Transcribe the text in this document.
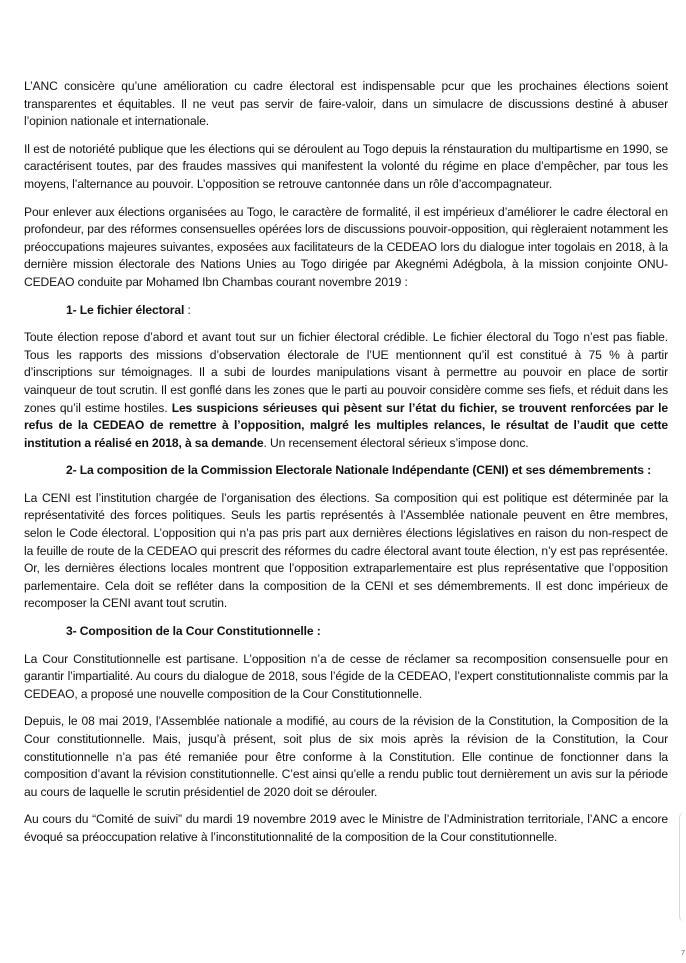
L’ANC consicère qu’une amélioration cu cadre électoral est indispensable pcur que les prochaines élections soient transparentes et équitables. Il ne veut pas servir de faire-valoir, dans un simulacre de discussions destiné à abuser l’opinion nationale et internationale.

Il est de notoriété publique que les élections qui se déroulent au Togo depuis la rénstauration du multipartisme en 1990, se caractérisent toutes, par des fraudes massives qui manifestent la volonté du régime en place d’empêcher, par tous les moyens, l’alternance au pouvoir. L’opposition se retrouve cantonnée dans un rôle d’accompagnateur.

Pour enlever aux élections organisées au Togo, le caractère de formalité, il est impérieux d’améliorer le cadre électoral en profondeur, par des réformes consensuelles opérées lors de discussions pouvoir-opposition, qui règleraient notamment les préoccupations majeures suivantes, exposées aux facilitateurs de la CEDEAO lors du dialogue inter togolais en 2018, à la dernière mission électorale des Nations Unies au Togo dirigée par Akegnémi Adégbola, à la mission conjointe ONU-CEDEAO conduite par Mohamed Ibn Chambas courant novembre 2019 :

1- Le fichier électoral :

Toute élection repose d’abord et avant tout sur un fichier électoral crédible. Le fichier électoral du Togo n’est pas fiable. Tous les rapports des missions d’observation électorale de l’UE mentionnent qu’il est constitué à 75 % à partir d’inscriptions sur témoignages. Il a subi de lourdes manipulations visant à permettre au pouvoir en place de sortir vainqueur de tout scrutin. Il est gonflé dans les zones que le parti au pouvoir considère comme ses fiefs, et réduit dans les zones qu’il estime hostiles. Les suspicions sérieuses qui pèsent sur l’état du fichier, se trouvent renforcées par le refus de la CEDEAO de remettre à l’opposition, malgré les multiples relances, le résultat de l’audit que cette institution a réalisé en 2018, à sa demande. Un recensement électoral sérieux s’impose donc.

2- La composition de la Commission Electorale Nationale Indépendante (CENI) et ses démembrements :

La CENI est l’institution chargée de l’organisation des élections. Sa composition qui est politique est déterminée par la représentativité des forces politiques. Seuls les partis représentés à l’Assemblée nationale peuvent en être membres, selon le Code électoral. L’opposition qui n’a pas pris part aux dernières élections législatives en raison du non-respect de la feuille de route de la CEDEAO qui prescrit des réformes du cadre électoral avant toute élection, n’y est pas représentée. Or, les dernières élections locales montrent que l’opposition extraparlementaire est plus représentative que l’opposition parlementaire. Cela doit se refléter dans la composition de la CENI et ses démembrements. Il est donc impérieux de recomposer la CENI avant tout scrutin.

3- Composition de la Cour Constitutionnelle :

La Cour Constitutionnelle est partisane. L’opposition n’a de cesse de réclamer sa recomposition consensuelle pour en garantir l’impartialité. Au cours du dialogue de 2018, sous l’égide de la CEDEAO, l’expert constitutionnaliste commis par la CEDEAO, a proposé une nouvelle composition de la Cour Constitutionnelle.

Depuis, le 08 mai 2019, l’Assemblée nationale a modifié, au cours de la révision de la Constitution, la Composition de la Cour constitutionnelle. Mais, jusqu’à présent, soit plus de six mois après la révision de la Constitution, la Cour constitutionnelle n’a pas été remaniée pour être conforme à la Constitution. Elle continue de fonctionner dans la composition d’avant la révision constitutionnelle. C’est ainsi qu’elle a rendu public tout dernièrement un avis sur la période au cours de laquelle le scrutin présidentiel de 2020 doit se dérouler.

Au cours du “Comité de suivi” du mardi 19 novembre 2019 avec le Ministre de l’Administration territoriale, l’ANC a encore évoqué sa préoccupation relative à l’inconstitutionnalité de la composition de la Cour constitutionnelle.

7
